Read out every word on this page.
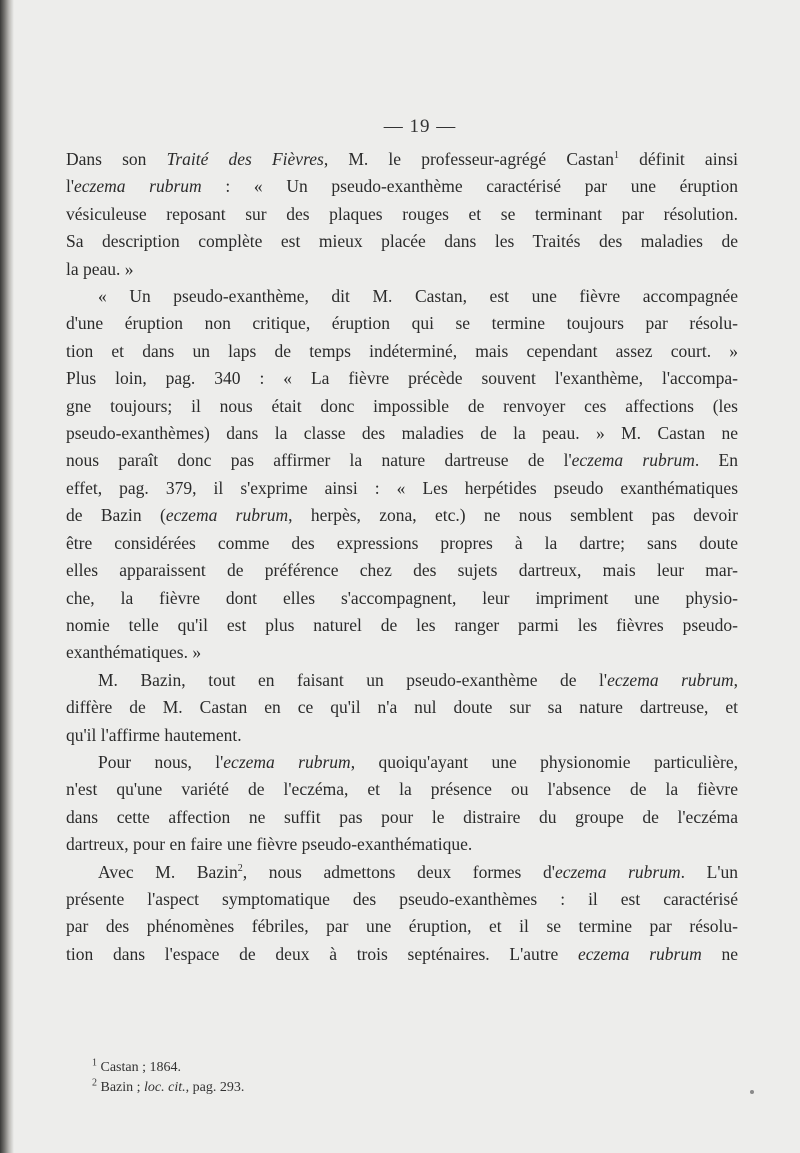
— 19 —
Dans son Traité des Fièvres, M. le professeur-agrégé Castan$^1$ définit ainsi
l'eczema rubrum : « Un pseudo-exanthème caractérisé par une éruption
vésiculeuse reposant sur des plaques rouges et se terminant par résolution.
Sa description complète est mieux placée dans les Traités des maladies de
la peau. »
« Un pseudo-exanthème, dit M. Castan, est une fièvre accompagnée
d'une éruption non critique, éruption qui se termine toujours par résolu-
tion et dans un laps de temps indéterminé, mais cependant assez court. »
Plus loin, pag. 340 : « La fièvre précède souvent l'exanthème, l'accompa-
gne toujours; il nous était donc impossible de renvoyer ces affections (les
pseudo-exanthèmes) dans la classe des maladies de la peau. » M. Castan ne
nous paraît donc pas affirmer la nature dartreuse de l'eczema rubrum. En
effet, pag. 379, il s'exprime ainsi : « Les herpétides pseudo exanthématiques
de Bazin (eczema rubrum, herpès, zona, etc.) ne nous semblent pas devoir
être considérées comme des expressions propres à la dartre; sans doute
elles apparaissent de préférence chez des sujets dartreux, mais leur mar-
che, la fièvre dont elles s'accompagnent, leur impriment une physio-
nomie telle qu'il est plus naturel de les ranger parmi les fièvres pseudo-
exanthématiques. »
M. Bazin, tout en faisant un pseudo-exanthème de l'eczema rubrum,
diffère de M. Castan en ce qu'il n'a nul doute sur sa nature dartreuse, et
qu'il l'affirme hautement.
Pour nous, l'eczema rubrum, quoiqu'ayant une physionomie particulière,
n'est qu'une variété de l'eczéma, et la présence ou l'absence de la fièvre
dans cette affection ne suffit pas pour le distraire du groupe de l'eczéma
dartreux, pour en faire une fièvre pseudo-exanthématique.
Avec M. Bazin$^2$, nous admettons deux formes d'eczema rubrum. L'un
présente l'aspect symptomatique des pseudo-exanthèmes : il est caractérisé
par des phénomènes fébriles, par une éruption, et il se termine par résolu-
tion dans l'espace de deux à trois septénaires. L'autre eczema rubrum ne
$^1$ Castan ; 1864.
$^2$ Bazin ; loc. cit., pag. 293.
